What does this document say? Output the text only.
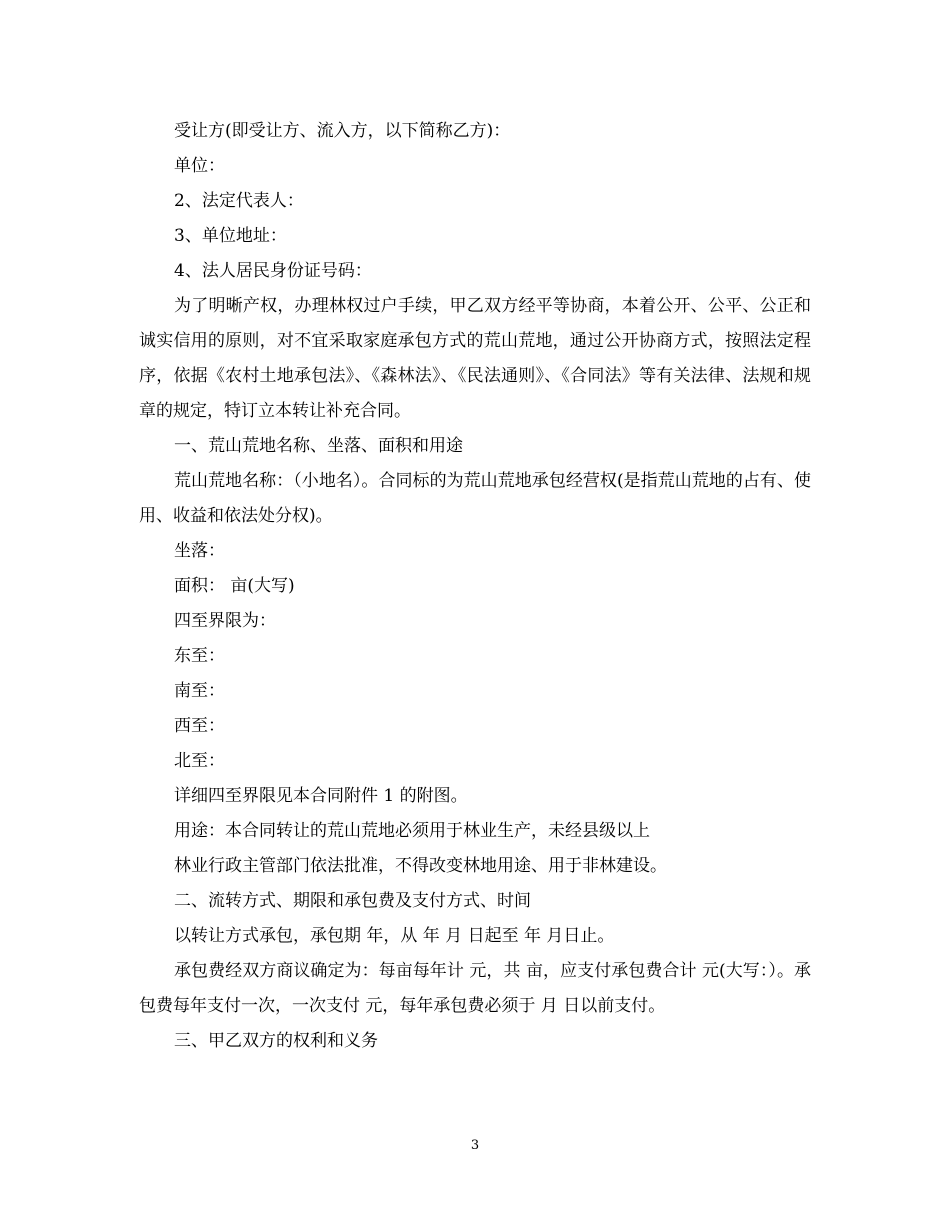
受让方(即受让方、流入方，以下简称乙方)：

单位：

2、法定代表人：

3、单位地址：

4、法人居民身份证号码：

为了明晰产权，办理林权过户手续，甲乙双方经平等协商，本着公开、公平、公正和诚实信用的原则，对不宜采取家庭承包方式的荒山荒地，通过公开协商方式，按照法定程序，依据《农村土地承包法》、《森林法》、《民法通则》、《合同法》等有关法律、法规和规章的规定，特订立本转让补充合同。

一、荒山荒地名称、坐落、面积和用途

荒山荒地名称：（小地名）。合同标的为荒山荒地承包经营权(是指荒山荒地的占有、使用、收益和依法处分权)。

坐落：

面积： 亩(大写)

四至界限为：

东至：

南至：

西至：

北至：

详细四至界限见本合同附件 1 的附图。

用途：本合同转让的荒山荒地必须用于林业生产，未经县级以上

林业行政主管部门依法批准，不得改变林地用途、用于非林建设。

二、流转方式、期限和承包费及支付方式、时间

以转让方式承包，承包期 年，从 年 月 日起至 年 月日止。

承包费经双方商议确定为：每亩每年计 元，共 亩，应支付承包费合计 元(大写：）。承包费每年支付一次，一次支付 元，每年承包费必须于 月 日以前支付。

三、甲乙双方的权利和义务

3
